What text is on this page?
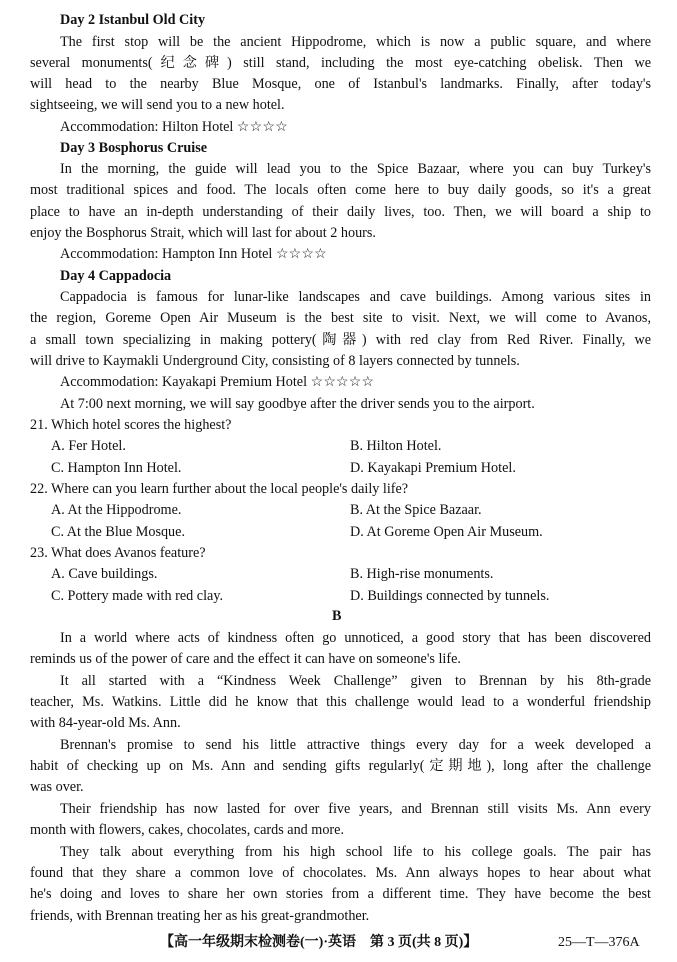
Day 2 Istanbul Old City
The first stop will be the ancient Hippodrome, which is now a public square, and where
several monuments(纪念碑) still stand, including the most eye-catching obelisk. Then we
will head to the nearby Blue Mosque, one of Istanbul's landmarks. Finally, after today's
sightseeing, we will send you to a new hotel.
Accommodation: Hilton Hotel ☆☆☆☆
Day 3 Bosphorus Cruise
In the morning, the guide will lead you to the Spice Bazaar, where you can buy Turkey's
most traditional spices and food. The locals often come here to buy daily goods, so it's a great
place to have an in-depth understanding of their daily lives, too. Then, we will board a ship to
enjoy the Bosphorus Strait, which will last for about 2 hours.
Accommodation: Hampton Inn Hotel ☆☆☆☆
Day 4 Cappadocia
Cappadocia is famous for lunar-like landscapes and cave buildings. Among various sites in
the region, Goreme Open Air Museum is the best site to visit. Next, we will come to Avanos,
a small town specializing in making pottery(陶器) with red clay from Red River. Finally, we
will drive to Kaymakli Underground City, consisting of 8 layers connected by tunnels.
Accommodation: Kayakapi Premium Hotel ☆☆☆☆☆
At 7:00 next morning, we will say goodbye after the driver sends you to the airport.
21. Which hotel scores the highest?
A. Fer Hotel.	B. Hilton Hotel.
C. Hampton Inn Hotel.	D. Kayakapi Premium Hotel.
22. Where can you learn further about the local people's daily life?
A. At the Hippodrome.	B. At the Spice Bazaar.
C. At the Blue Mosque.	D. At Goreme Open Air Museum.
23. What does Avanos feature?
A. Cave buildings.	B. High-rise monuments.
C. Pottery made with red clay.	D. Buildings connected by tunnels.
B
In a world where acts of kindness often go unnoticed, a good story that has been discovered
reminds us of the power of care and the effect it can have on someone's life.
It all started with a “Kindness Week Challenge” given to Brennan by his 8th-grade
teacher, Ms. Watkins. Little did he know that this challenge would lead to a wonderful friendship
with 84-year-old Ms. Ann.
Brennan's promise to send his little attractive things every day for a week developed a
habit of checking up on Ms. Ann and sending gifts regularly(定期地), long after the challenge
was over.
Their friendship has now lasted for over five years, and Brennan still visits Ms. Ann every
month with flowers, cakes, chocolates, cards and more.
They talk about everything from his high school life to his college goals. The pair has
found that they share a common love of chocolates. Ms. Ann always hopes to hear about what
he's doing and loves to share her own stories from a different time. They have become the best
friends, with Brennan treating her as his great-grandmother.
【高一年级期末检测卷(一)·英语　第 3 页(共 8 页)】	25—T—376A
